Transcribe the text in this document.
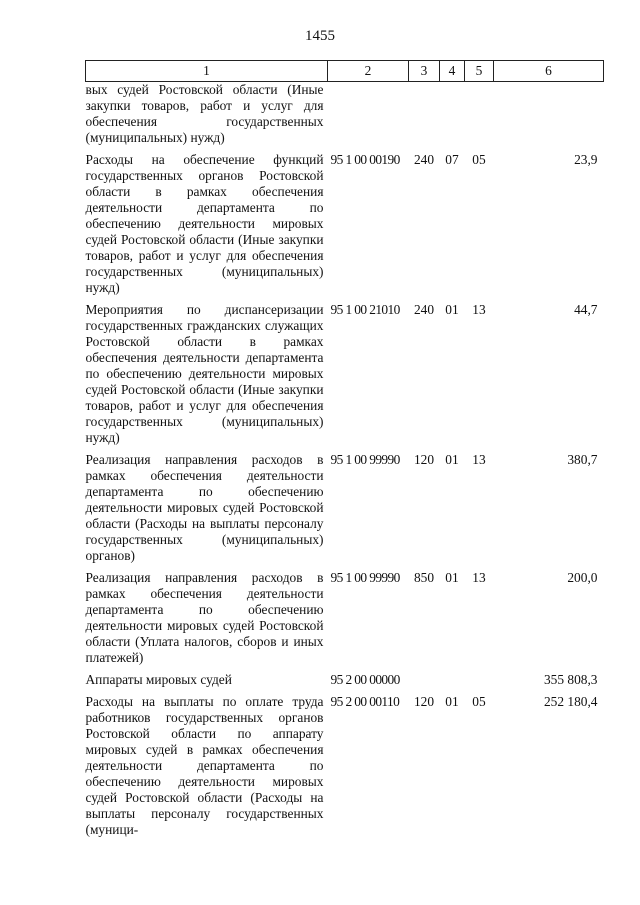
1455
1	2	3	4	5	6
вых судей Ростовской области (Иные закупки товаров, работ и услуг для обеспечения государственных (муниципальных) нужд)					
Расходы на обеспечение функций государственных органов Ростовской области в рамках обеспечения деятельности департамента по обеспечению деятельности мировых судей Ростовской области (Иные закупки товаров, работ и услуг для обеспечения государственных (муниципальных) нужд)	95 1 00 00190	240	07	05	23,9
Мероприятия по диспансеризации государственных гражданских служащих Ростовской области в рамках обеспечения деятельности департамента по обеспечению деятельности мировых судей Ростовской области (Иные закупки товаров, работ и услуг для обеспечения государственных (муниципальных) нужд)	95 1 00 21010	240	01	13	44,7
Реализация направления расходов в рамках обеспечения деятельности департамента по обеспечению деятельности мировых судей Ростовской области (Расходы на выплаты персоналу государственных (муниципальных) органов)	95 1 00 99990	120	01	13	380,7
Реализация направления расходов в рамках обеспечения деятельности департамента по обеспечению деятельности мировых судей Ростовской области (Уплата налогов, сборов и иных платежей)	95 1 00 99990	850	01	13	200,0
Аппараты мировых судей	95 2 00 00000				355 808,3
Расходы на выплаты по оплате труда работников государственных органов Ростовской области по аппарату мировых судей в рамках обеспечения деятельности департамента по обеспечению деятельности мировых судей Ростовской области (Расходы на выплаты персоналу государственных (муници-	95 2 00 00110	120	01	05	252 180,4
